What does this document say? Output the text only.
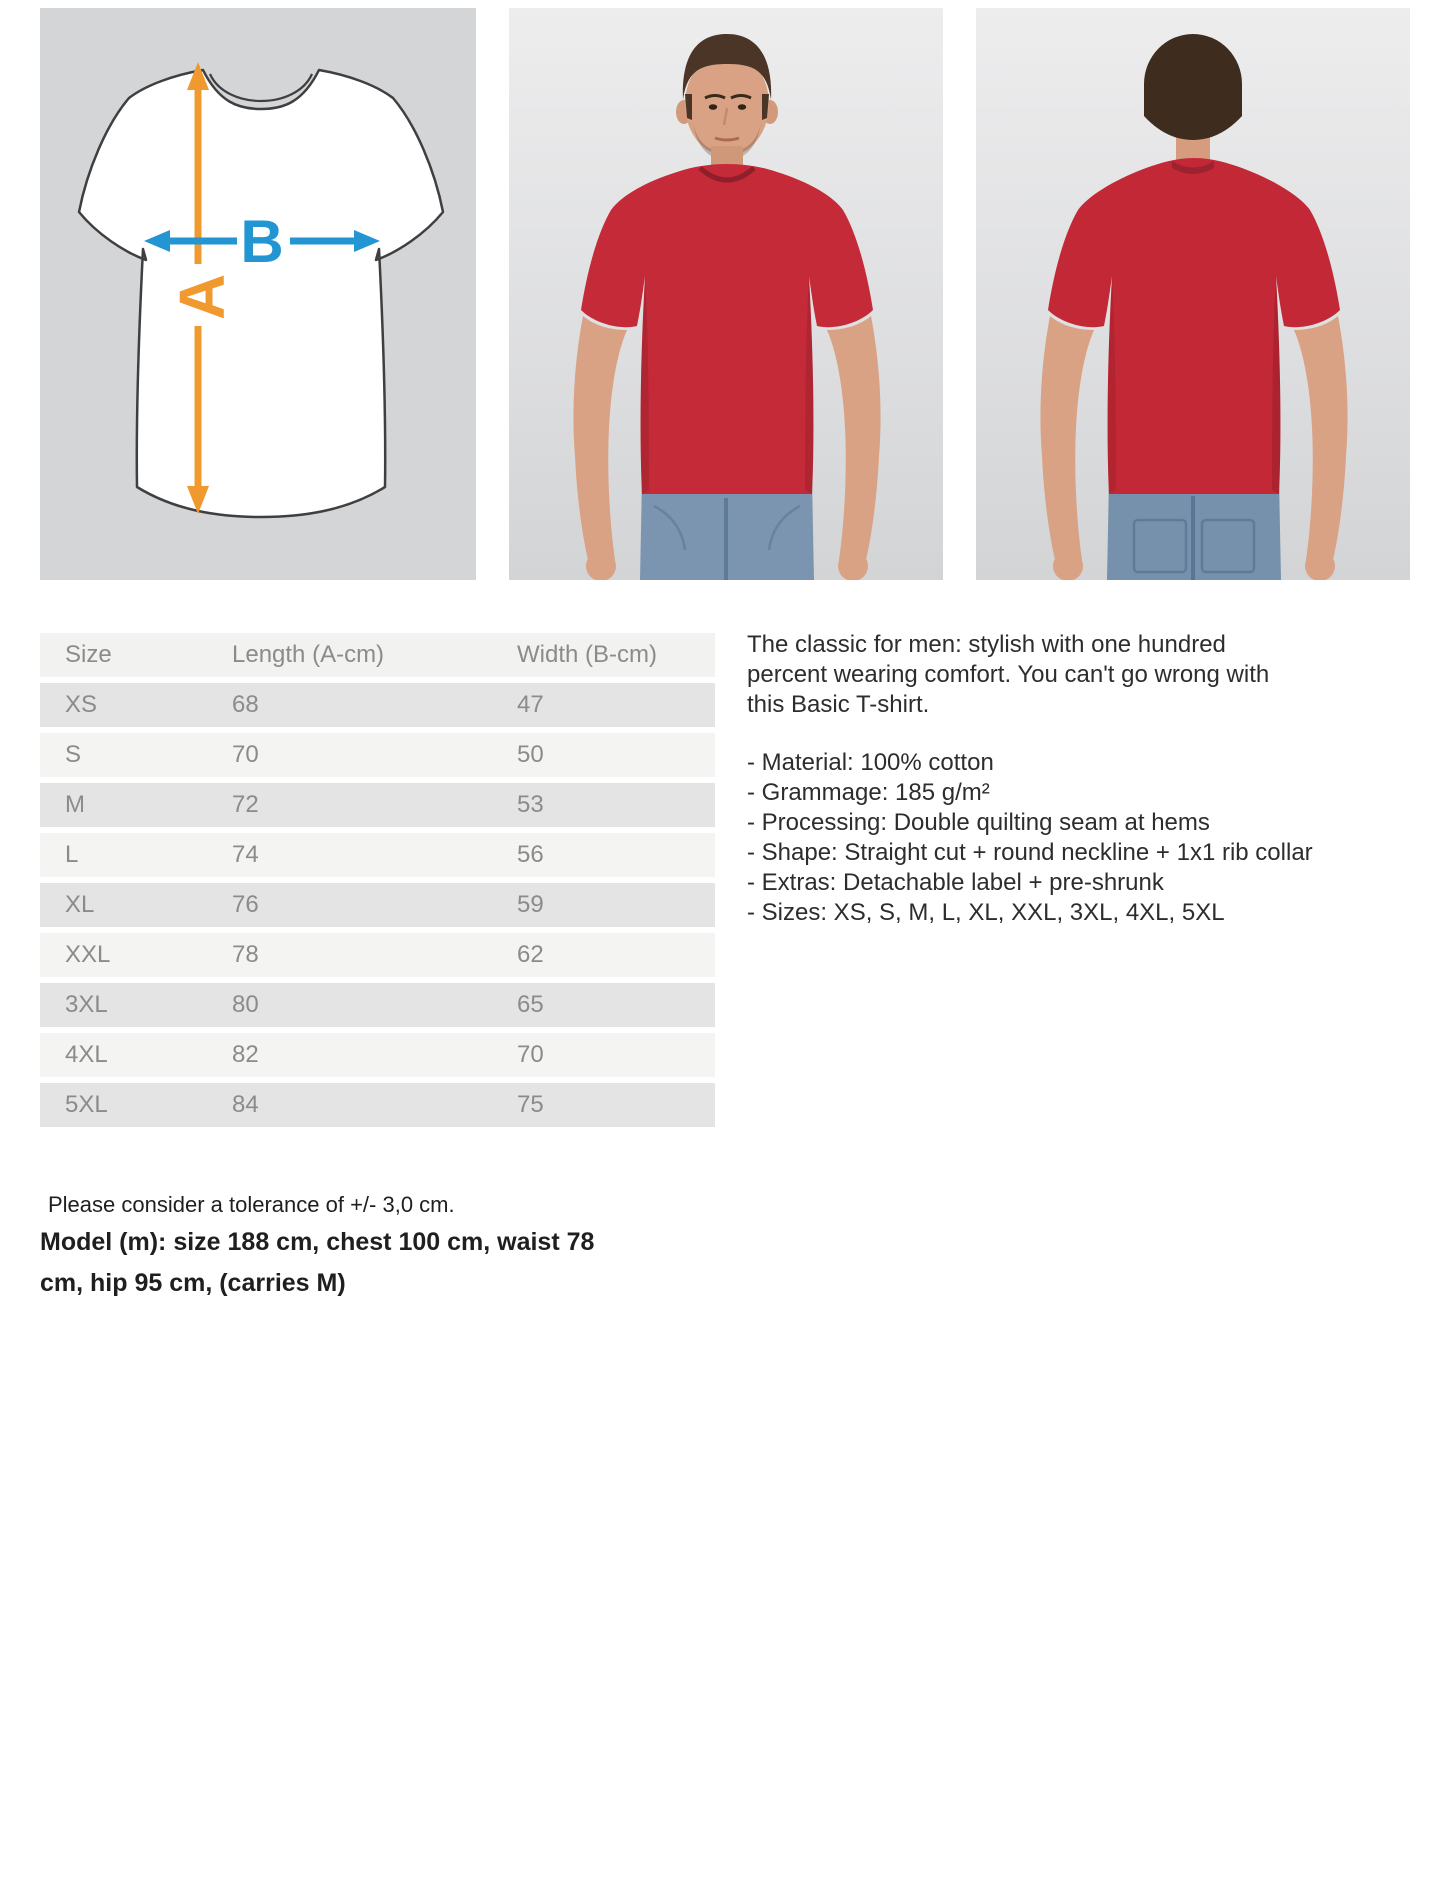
A
B
Size	Length (A-cm)	Width (B-cm)
XS	68	47
S	70	50
M	72	53
L	74	56
XL	76	59
XXL	78	62
3XL	80	65
4XL	82	70
5XL	84	75

The classic for men: stylish with one hundred percent wearing comfort. You can't go wrong with this Basic T-shirt.

- Material: 100% cotton
- Grammage: 185 g/m²
- Processing: Double quilting seam at hems
- Shape: Straight cut + round neckline + 1x1 rib collar
- Extras: Detachable label + pre-shrunk
- Sizes: XS, S, M, L, XL, XXL, 3XL, 4XL, 5XL
Please consider a tolerance of +/- 3,0 cm.
Model (m): size 188 cm, chest 100 cm, waist 78 cm, hip 95 cm, (carries M)
